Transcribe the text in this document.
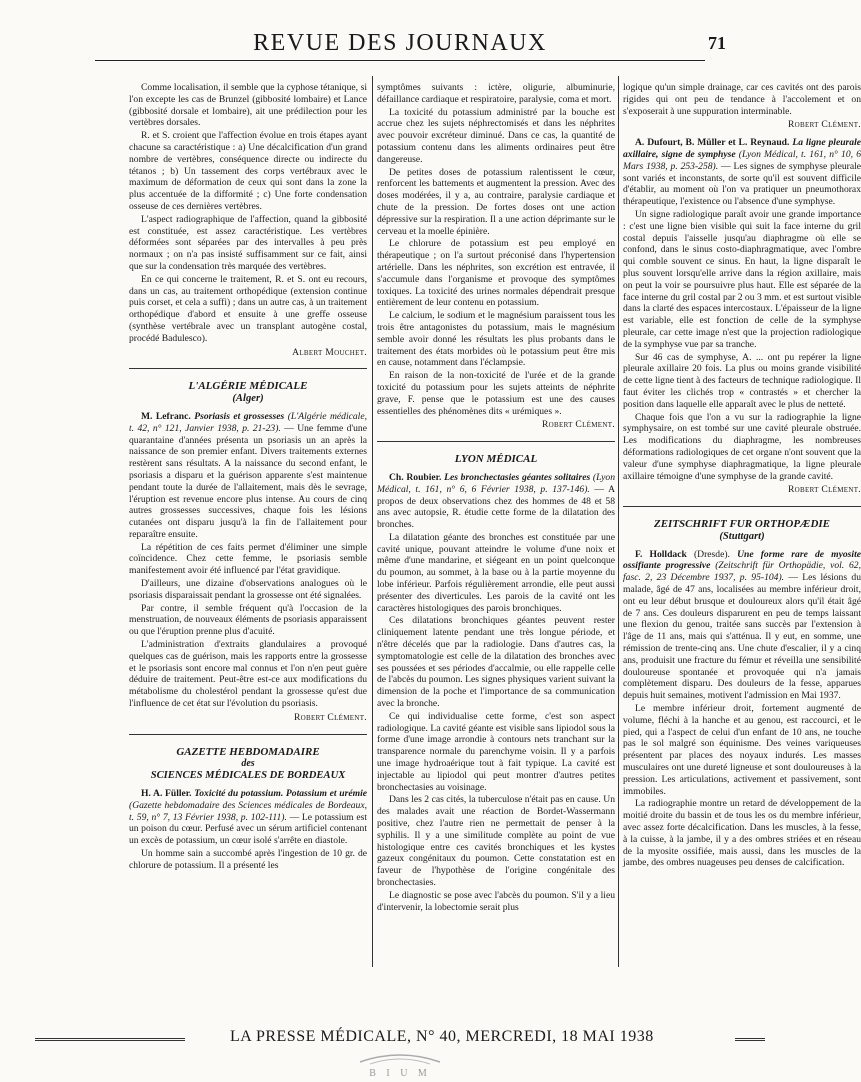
REVUE DES JOURNAUX	71

Comme localisation, il semble que la cyphose tétanique, si l'on excepte les cas de Brunzel (gibbosité lombaire) et Lance (gibbosité dorsale et lombaire), ait une prédilection pour les vertèbres dorsales.

R. et S. croient que l'affection évolue en trois étapes ayant chacune sa caractéristique : a) Une décalcification d'un grand nombre de vertèbres, conséquence directe ou indirecte du tétanos ; b) Un tassement des corps vertébraux avec le maximum de déformation de ceux qui sont dans la zone la plus accentuée de la difformité ; c) Une forte condensation osseuse de ces dernières vertèbres.

L'aspect radiographique de l'affection, quand la gibbosité est constituée, est assez caractéristique. Les vertèbres déformées sont séparées par des intervalles à peu près normaux ; on n'a pas insisté suffisamment sur ce fait, ainsi que sur la condensation très marquée des vertèbres.

En ce qui concerne le traitement, R. et S. ont eu recours, dans un cas, au traitement orthopédique (extension continue puis corset, et cela a suffi) ; dans un autre cas, à un traitement orthopédique d'abord et ensuite à une greffe osseuse (synthèse vertébrale avec un transplant autogène costal, procédé Badulesco).

Albert Mouchet.

L'ALGÉRIE MÉDICALE
(Alger)

M. Lefranc. Psoriasis et grossesses (L'Algérie médicale, t. 42, n° 121, Janvier 1938, p. 21-23). — Une femme d'une quarantaine d'années présenta un psoriasis un an après la naissance de son premier enfant. Divers traitements externes restèrent sans résultats. A la naissance du second enfant, le psoriasis a disparu et la guérison apparente s'est maintenue pendant toute la durée de l'allaitement, mais dès le sevrage, l'éruption est revenue encore plus intense. Au cours de cinq autres grossesses successives, chaque fois les lésions cutanées ont disparu jusqu'à la fin de l'allaitement pour reparaître ensuite.

La répétition de ces faits permet d'éliminer une simple coïncidence. Chez cette femme, le psoriasis semble manifestement avoir été influencé par l'état gravidique.

D'ailleurs, une dizaine d'observations analogues où le psoriasis disparaissait pendant la grossesse ont été signalées.

Par contre, il semble fréquent qu'à l'occasion de la menstruation, de nouveaux éléments de psoriasis apparaissent ou que l'éruption prenne plus d'acuité.

L'administration d'extraits glandulaires a provoqué quelques cas de guérison, mais les rapports entre la grossesse et le psoriasis sont encore mal connus et l'on n'en peut guère déduire de traitement. Peut-être est-ce aux modifications du métabolisme du cholestérol pendant la grossesse qu'est due l'influence de cet état sur l'évolution du psoriasis.

Robert Clément.

GAZETTE HEBDOMADAIRE
des
SCIENCES MÉDICALES DE BORDEAUX

H. A. Füller. Toxicité du potassium. Potassium et urémie (Gazette hebdomadaire des Sciences médicales de Bordeaux, t. 59, n° 7, 13 Février 1938, p. 102-111). — Le potassium est un poison du cœur. Perfusé avec un sérum artificiel contenant un excès de potassium, un cœur isolé s'arrête en diastole.

Un homme sain a succombé après l'ingestion de 10 gr. de chlorure de potassium. Il a présenté les

symptômes suivants : ictère, oligurie, albuminurie, défaillance cardiaque et respiratoire, paralysie, coma et mort.

La toxicité du potassium administré par la bouche est accrue chez les sujets néphrectomisés et dans les néphrites avec pouvoir excréteur diminué. Dans ce cas, la quantité de potassium contenu dans les aliments ordinaires peut être dangereuse.

De petites doses de potassium ralentissent le cœur, renforcent les battements et augmentent la pression. Avec des doses modérées, il y a, au contraire, paralysie cardiaque et chute de la pression. De fortes doses ont une action dépressive sur la respiration. Il a une action déprimante sur le cerveau et la moelle épinière.

Le chlorure de potassium est peu employé en thérapeutique ; on l'a surtout préconisé dans l'hypertension artérielle. Dans les néphrites, son excrétion est entravée, il s'accumule dans l'organisme et provoque des symptômes toxiques. La toxicité des urines normales dépendrait presque entièrement de leur contenu en potassium.

Le calcium, le sodium et le magnésium paraissent tous les trois être antagonistes du potassium, mais le magnésium semble avoir donné les résultats les plus probants dans le traitement des états morbides où le potassium peut être mis en cause, notamment dans l'éclampsie.

En raison de la non-toxicité de l'urée et de la grande toxicité du potassium pour les sujets atteints de néphrite grave, F. pense que le potassium est une des causes essentielles des phénomènes dits « urémiques ».

Robert Clément.

LYON MÉDICAL

Ch. Roubier. Les bronchectasies géantes solitaires (Lyon Médical, t. 161, n° 6, 6 Février 1938, p. 137-146). — A propos de deux observations chez des hommes de 48 et 58 ans avec autopsie, R. étudie cette forme de la dilatation des bronches.

La dilatation géante des bronches est constituée par une cavité unique, pouvant atteindre le volume d'une noix et même d'une mandarine, et siégeant en un point quelconque du poumon, au sommet, à la base ou à la partie moyenne du lobe inférieur. Parfois régulièrement arrondie, elle peut aussi présenter des diverticules. Les parois de la cavité ont les caractères histologiques des parois bronchiques.

Ces dilatations bronchiques géantes peuvent rester cliniquement latente pendant une très longue période, et n'être décelés que par la radiologie. Dans d'autres cas, la symptomatologie est celle de la dilatation des bronches avec ses poussées et ses périodes d'accalmie, ou elle rappelle celle de l'abcès du poumon. Les signes physiques varient suivant la dimension de la poche et l'importance de sa communication avec la bronche.

Ce qui individualise cette forme, c'est son aspect radiologique. La cavité géante est visible sans lipiodol sous la forme d'une image arrondie à contours nets tranchant sur la transparence normale du parenchyme voisin. Il y a parfois une image hydroaérique tout à fait typique. La cavité est injectable au lipiodol qui peut montrer d'autres petites bronchectasies au voisinage.

Dans les 2 cas cités, la tuberculose n'était pas en cause. Un des malades avait une réaction de Bordet-Wassermann positive, chez l'autre rien ne permettait de penser à la syphilis. Il y a une similitude complète au point de vue histologique entre ces cavités bronchiques et les kystes gazeux congénitaux du poumon. Cette constatation est en faveur de l'hypothèse de l'origine congénitale des bronchectasies.

Le diagnostic se pose avec l'abcès du poumon. S'il y a lieu d'intervenir, la lobectomie serait plus

logique qu'un simple drainage, car ces cavités ont des parois rigides qui ont peu de tendance à l'accolement et on s'exposerait à une suppuration interminable.

Robert Clément.

A. Dufourt, B. Müller et L. Reynaud. La ligne pleurale axillaire, signe de symphyse (Lyon Médical, t. 161, n° 10, 6 Mars 1938, p. 253-258). — Les signes de symphyse pleurale sont variés et inconstants, de sorte qu'il est souvent difficile d'établir, au moment où l'on va pratiquer un pneumothorax thérapeutique, l'existence ou l'absence d'une symphyse.

Un signe radiologique paraît avoir une grande importance : c'est une ligne bien visible qui suit la face interne du gril costal depuis l'aisselle jusqu'au diaphragme où elle se confond, dans le sinus costo-diaphragmatique, avec l'ombre qui comble souvent ce sinus. En haut, la ligne disparaît le plus souvent lorsqu'elle arrive dans la région axillaire, mais on peut la voir se poursuivre plus haut. Elle est séparée de la face interne du gril costal par 2 ou 3 mm. et est surtout visible dans la clarté des espaces intercostaux. L'épaisseur de la ligne est variable, elle est fonction de celle de la symphyse pleurale, car cette image n'est que la projection radiologique de la symphyse vue par sa tranche.

Sur 46 cas de symphyse, A. ... ont pu repérer la ligne pleurale axillaire 20 fois. La plus ou moins grande visibilité de cette ligne tient à des facteurs de technique radiologique. Il faut éviter les clichés trop « contrastés » et chercher la position dans laquelle elle apparaît avec le plus de netteté.

Chaque fois que l'on a vu sur la radiographie la ligne symphysaire, on est tombé sur une cavité pleurale obstruée. Les modifications du diaphragme, les nombreuses déformations radiologiques de cet organe n'ont souvent que la valeur d'une symphyse diaphragmatique, la ligne pleurale axillaire témoigne d'une symphyse de la grande cavité.

Robert Clément.

ZEITSCHRIFT FUR ORTHOPÆDIE
(Stuttgart)

F. Holldack (Dresde). Une forme rare de myosite ossifiante progressive (Zeitschrift für Orthopädie, vol. 62, fasc. 2, 23 Décembre 1937, p. 95-104). — Les lésions du malade, âgé de 47 ans, localisées au membre inférieur droit, ont eu leur début brusque et douloureux alors qu'il était âgé de 7 ans. Ces douleurs disparurent en peu de temps laissant une flexion du genou, traitée sans succès par l'extension à l'âge de 11 ans, mais qui s'atténua. Il y eut, en somme, une rémission de trente-cinq ans. Une chute d'escalier, il y a cinq ans, produisit une fracture du fémur et réveilla une sensibilité douloureuse spontanée et provoquée qui n'a jamais complètement disparu. Des douleurs de la fesse, apparues depuis huit semaines, motivent l'admission en Mai 1937.

Le membre inférieur droit, fortement augmenté de volume, fléchi à la hanche et au genou, est raccourci, et le pied, qui a l'aspect de celui d'un enfant de 10 ans, ne touche pas le sol malgré son équinisme. Des veines variqueuses présentent par places des noyaux indurés. Les masses musculaires ont une dureté ligneuse et sont douloureuses à la pression. Les articulations, activement et passivement, sont immobiles.

La radiographie montre un retard de développement de la moitié droite du bassin et de tous les os du membre inférieur, avec assez forte décalcification. Dans les muscles, à la fesse, à la cuisse, à la jambe, il y a des ombres striées et en réseau de la myosite ossifiée, mais aussi, dans les muscles de la jambe, des ombres nuageuses peu denses de calcification.

LA PRESSE MÉDICALE, N° 40, MERCREDI, 18 MAI 1938
B I U M
